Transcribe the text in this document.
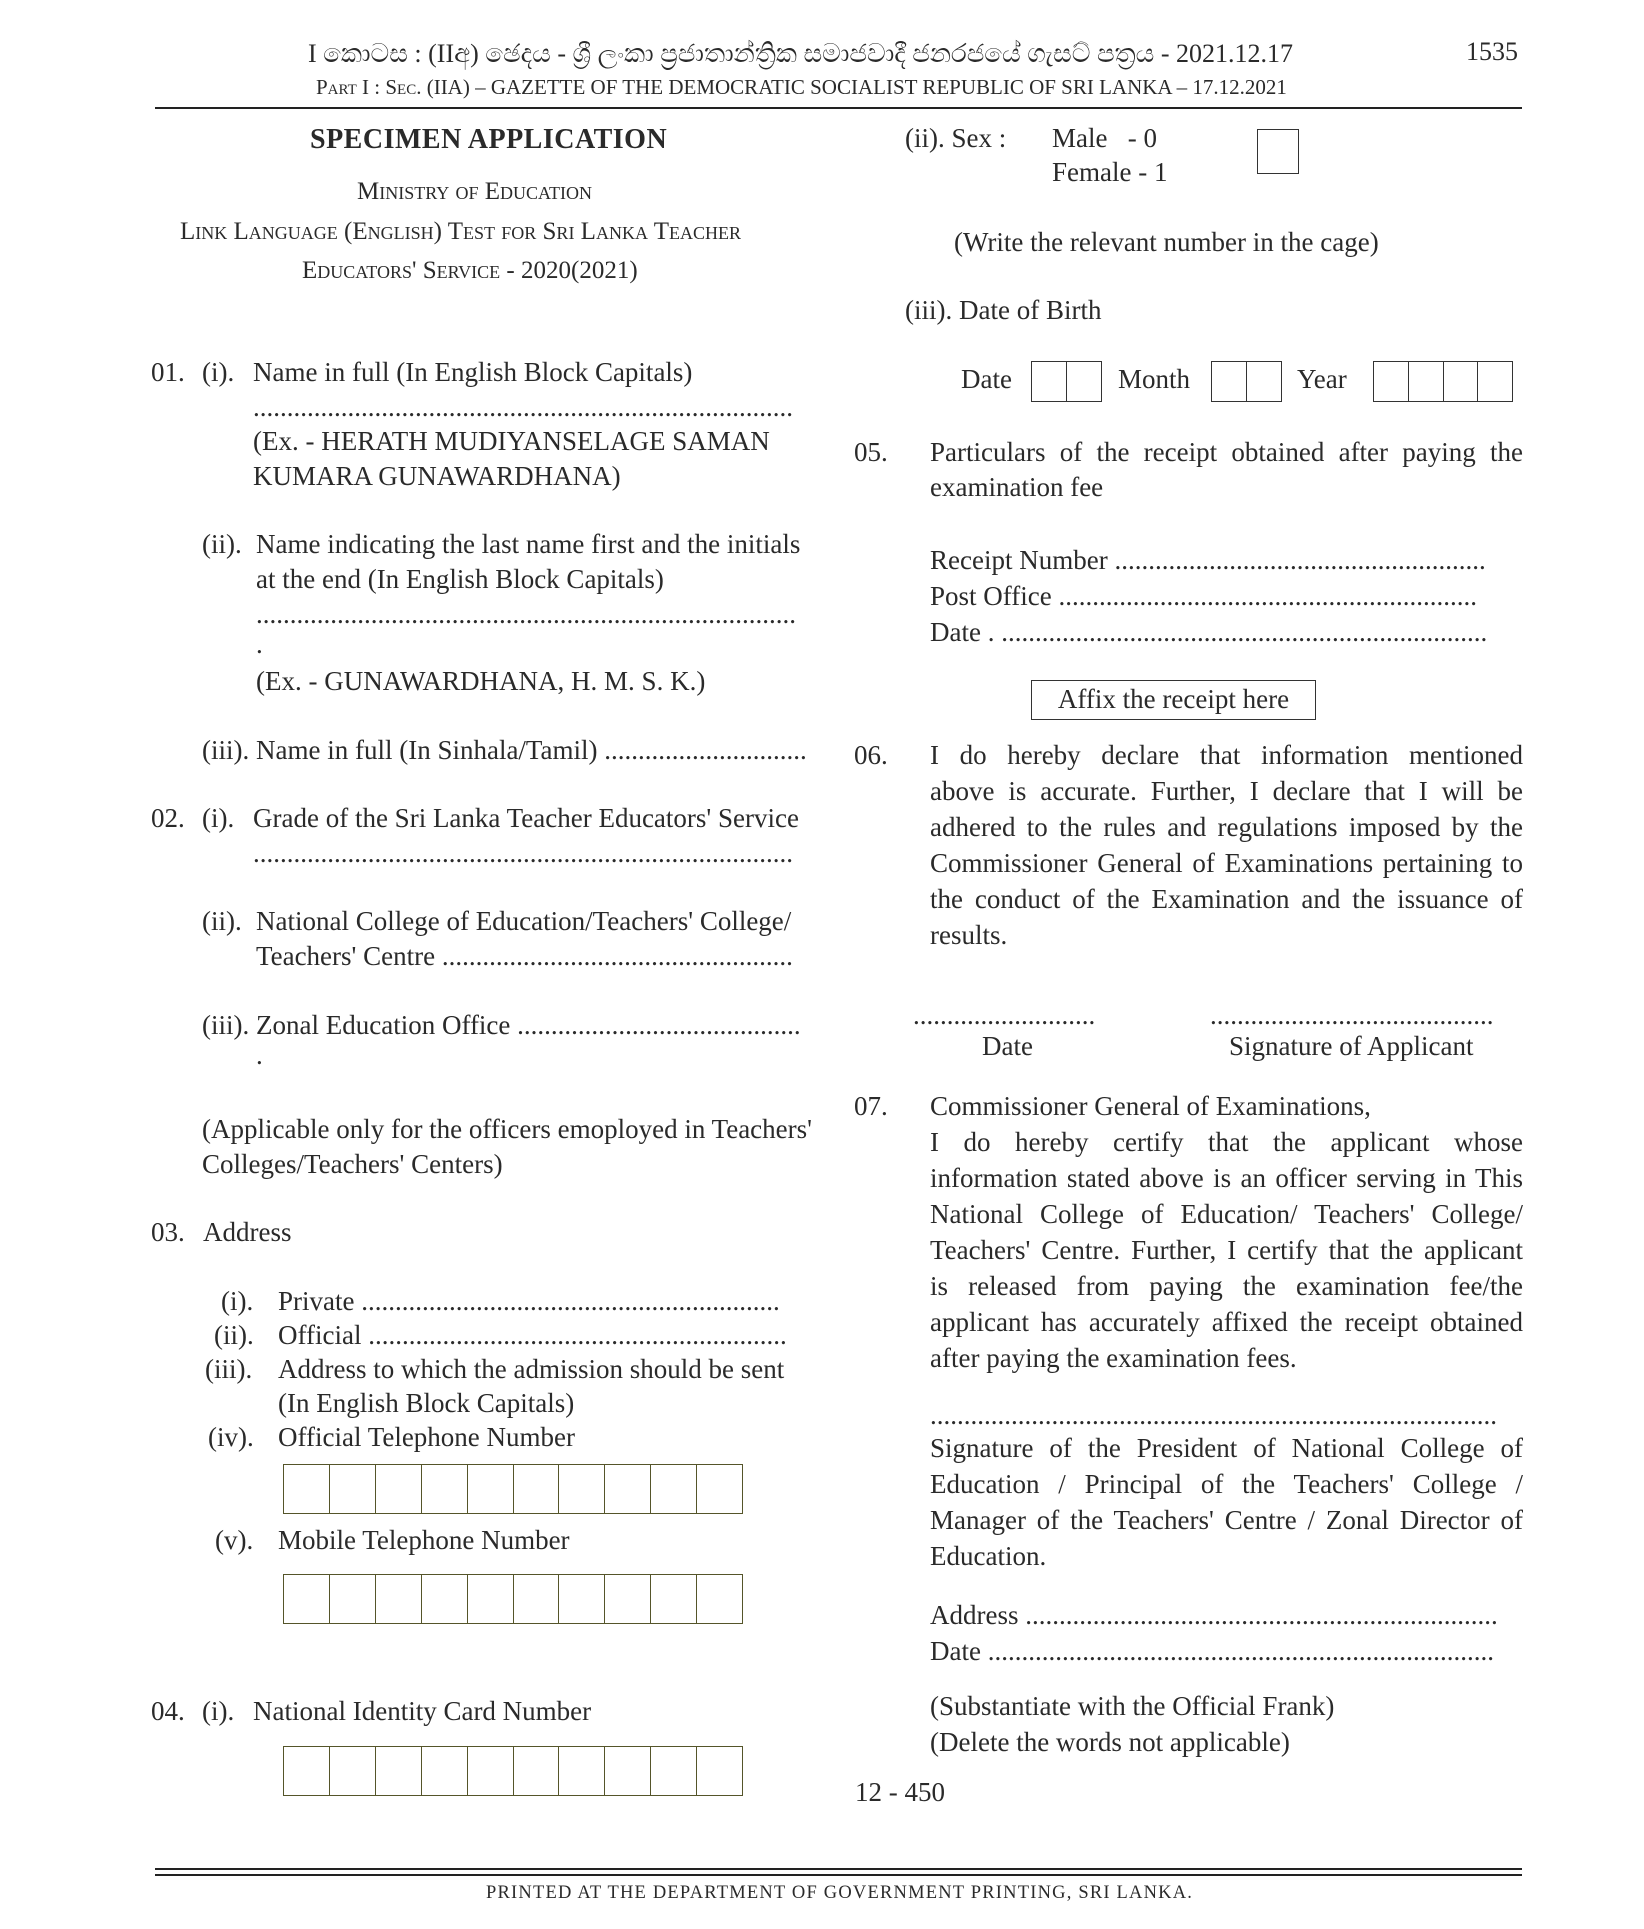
I කොටස : (IIඅ) ඡෙදය - ශ්‍රී ලංකා ප්‍රජාතාන්ත්‍රික සමාජවාදී ජනරජයේ ගැසට් පත්‍රය - 2021.12.17	1535
Part I : Sec. (IIA) – GAZETTE OF THE DEMOCRATIC SOCIALIST REPUBLIC OF SRI LANKA – 17.12.2021
SPECIMEN APPLICATION
Ministry of Education
Link Language (English) Test for Sri Lanka Teacher
Educators' Service - 2020(2021)
01. (i). Name in full (In English Block Capitals)
................................................................................
(Ex. - HERATH MUDIYANSELAGE SAMAN
KUMARA GUNAWARDHANA)
(ii). Name indicating the last name first and the initials
at the end (In English Block Capitals)
................................................................................
.
(Ex. - GUNAWARDHANA, H. M. S. K.)
(iii). Name in full (In Sinhala/Tamil) ..............................
02. (i). Grade of the Sri Lanka Teacher Educators' Service
................................................................................
(ii). National College of Education/Teachers' College/
Teachers' Centre ....................................................
(iii). Zonal Education Office ..........................................
.
(Applicable only for the officers emoployed in Teachers'
Colleges/Teachers' Centers)
03. Address
(i). Private ..............................................................
(ii). Official ..............................................................
(iii). Address to which the admission should be sent
(In English Block Capitals)
(iv). Official Telephone Number
(v). Mobile Telephone Number
04. (i). National Identity Card Number
(ii). Sex : Male   - 0
Female - 1
(Write the relevant number in the cage)
(iii). Date of Birth
Date	Month	Year
05. Particulars of the receipt obtained after paying the
examination fee
Receipt Number .......................................................
Post Office ..............................................................
Date . ........................................................................
Affix the receipt here
06. I do hereby declare that information mentioned
above is accurate. Further, I declare that I will be
adhered to the rules and regulations imposed by the
Commissioner General of Examinations pertaining to
the conduct of the Examination and the issuance of
results.
...........................	..........................................
Date	Signature of Applicant
07. Commissioner General of Examinations,
I do hereby certify that the applicant whose
information stated above is an officer serving in This
National College of Education/ Teachers' College/
Teachers' Centre. Further, I certify that the applicant
is released from paying the examination fee/the
applicant has accurately affixed the receipt obtained
after paying the examination fees.
....................................................................................
Signature of the President of National College of
Education / Principal of the Teachers' College /
Manager of the Teachers' Centre / Zonal Director of
Education.
Address ......................................................................
Date ...........................................................................
(Substantiate with the Official Frank)
(Delete the words not applicable)
12 - 450
PRINTED AT THE DEPARTMENT OF GOVERNMENT PRINTING, SRI LANKA.
